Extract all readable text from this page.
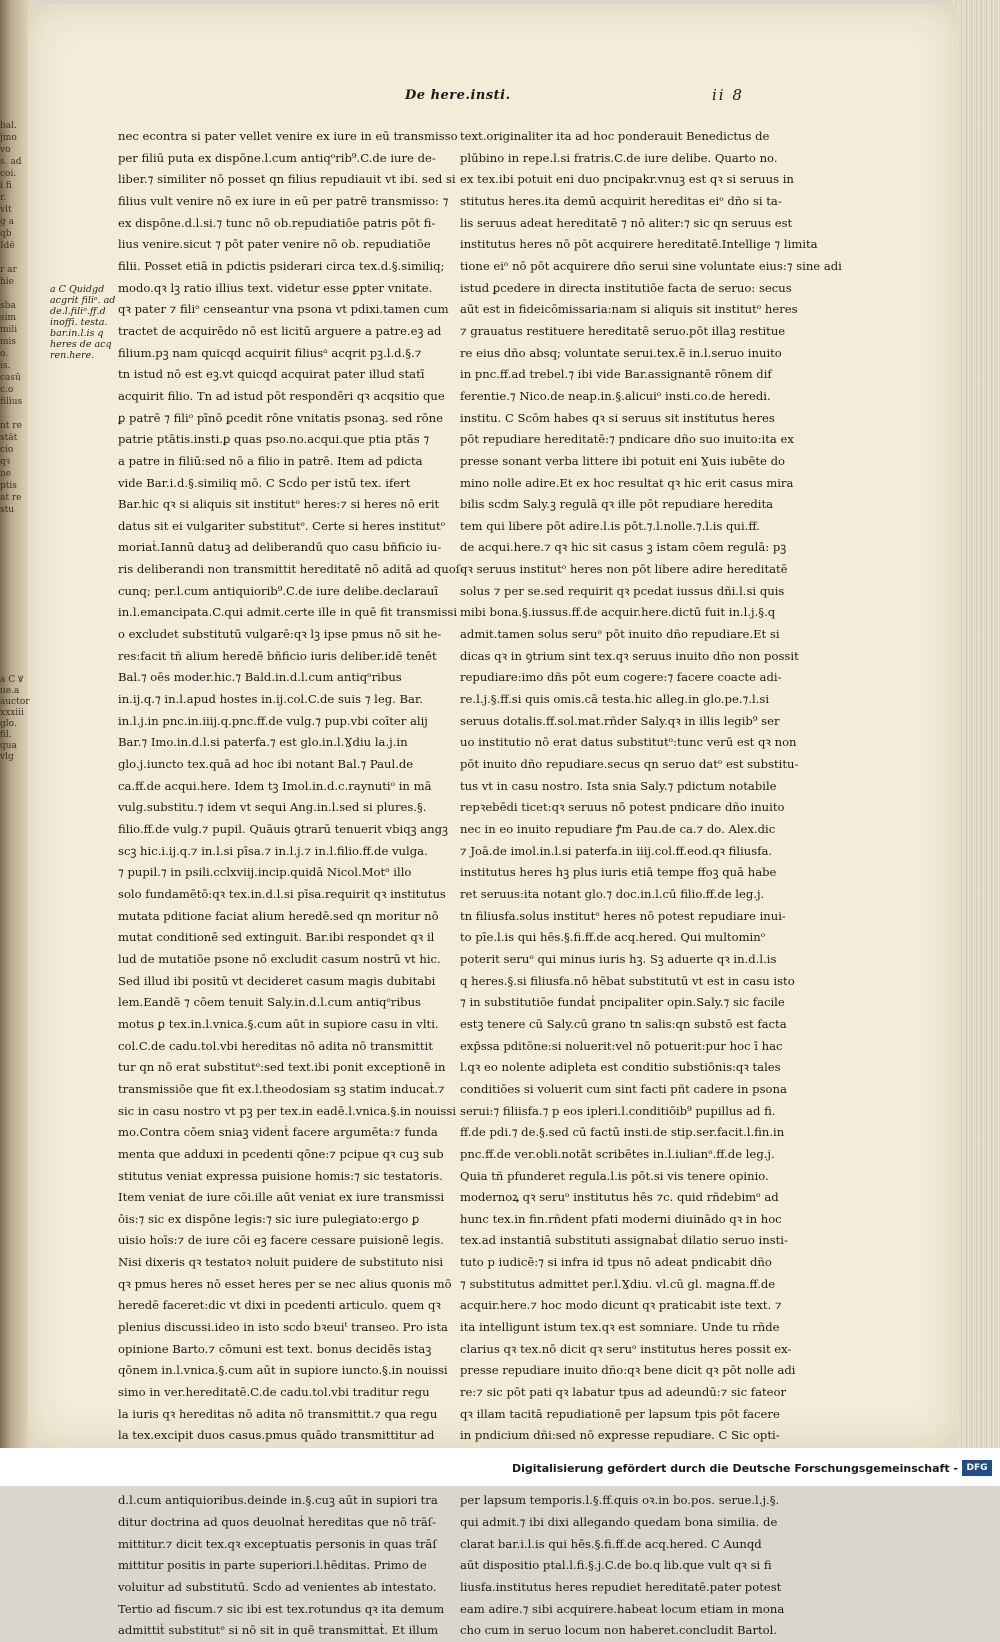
bal.
jmo
vo
s. ad
coi.
i fi
r.
vlt
g a
qb
Idē

r ar
hie

sba
sim
mili
mis
o.
is.
casū
c.o
filius

nt re
stāt
cio
qꝛ
ne
ptis
at re
stu
a C Ꝟ
ue.a
auctor
xxxiii
glo.
fil.
qua
vlg
De here.insti.	ii 8
a C Quidgd acgrit filiᵒ. ad de.l.filiᵒ.ff.d inoffi. testa. bar.in.l.is q heres de acq ren.here.
nec econtra si pater vellet venire ex iure in eū transmisso
per filiū puta ex dispōne.l.cum antiqᵒrib⁹.C.de iure de-
liber.⁊ similiter nō posset qn filius repudiauit vt ibi. sed si
filius vult venire nō ex iure in eū per patrē transmisso: ⁊
ex dispōne.d.l.si.⁊ tunc nō ob.repudiatiōe patris pōt fi-
lius venire.sicut ⁊ pōt pater venire nō ob. repudiatiōe
filii. Posset etiā in pdictis psiderari circa tex.d.§.similiq;
modo.qꝛ lꝫ ratio illius text. videtur esse ꝑpter vnitate.
qꝛ pater ⁊ filiᵒ censeantur vna psona vt pdixi.tamen cum
tractet de acquirēdo nō est licitū arguere a patre.eꝫ ad
filium.pꝫ nam quicqd acquirit filiusᵃ acqrit pꝫ.l.d.§.⁊
tn istud nō est eꝫ.vt quicqd acquirat pater illud statī
acquirit filio. Tn ad istud pōt respondēri qꝛ acqsitio que
ꝑ patrē ⁊ filiᵒ pīnō ꝑcedit rōne vnitatis psonaꝫ. sed rōne
patrie ptātis.insti.ꝑ quas pso.no.acqui.que ptia ptās ⁊
a patre in filiū:sed nō a filio in patrē. Item ad pdicta
vide Bar.i.d.§.similiq mō. C Scḋo per istū tex. ifert
Bar.hic qꝛ si aliquis sit institutᵒ heres:⁊ si heres nō erit
datus sit ei vulgariter substitutᵒ. Certe si heres institutᵒ
moriaṫ.Iannū datuꝫ ad deliberandū quo casu bñficio iu-
ris deliberandi non transmittit hereditatē nō aditā ad quoſ-
cunq; per.l.cum antiquiorib⁹.C.de iure delibe.declarauī
in.l.emancipata.C.qui admit.certe ille in quē fit transmissi
o excludet substitutū vulgarē:qꝛ lꝫ ipse pmus nō sit he-
res:facit tñ alium heredē bñficio iuris deliber.idē tenēt
Bal.⁊ oēs moder.hic.⁊ Bald.in.d.l.cum antiqᵒribus
in.ij.q.⁊ in.l.apud hostes in.ij.col.C.de suis ⁊ leg. Bar.
in.l.j.in pnc.in.iiij.q.pnc.ff.de vulg.⁊ pup.vbi coīter alij
Bar.⁊ Imo.in.d.l.si paterfa.⁊ est glo.in.l.Ɣdiu la.j.in
glo.j.iuncto tex.quā ad hoc ibi notant Bal.⁊ Paul.de
ca.ff.de acqui.here. Idem tꝫ Imol.in.d.c.raynutiᵒ in mā
vulg.substitu.⁊ idem vt sequi Ang.in.l.sed si plures.§.
filio.ff.de vulg.⁊ pupil. Quāuis ꝯtrarū tenuerit vbiqꝫ angꝫ
scꝫ hic.i.ij.q.⁊ in.l.si pīsa.⁊ in.l.j.⁊ in.l.filio.ff.de vulga.
⁊ pupil.⁊ in psili.cclxviij.incip.quidā Nicol.Motᵒ illo
solo fundamētō:qꝛ tex.in.d.l.si pīsa.requirit qꝛ institutus
mutata pditione faciat alium heredē.sed qn moritur nō
mutat conditionē sed extinguit. Bar.ibi respondet qꝛ il
lud de mutatiōe psone nō excludit casum nostrū vt hic.
Sed illud ibi positū vt decideret casum magis dubitabi
lem.Eandē ⁊ cōem tenuit Saly.in.d.l.cum antiqᵒribus
motus ꝑ tex.in.l.vnica.§.cum aūt in supiore casu in vlti.
col.C.de cadu.tol.vbi hereditas nō adita nō transmittit
tur qn nō erat substitutᵒ:sed text.ibi ponit exceptionē in
transmissiōe que fit ex.l.theodosiam sꝫ statim inducaṫ.⁊
sic in casu nostro vt pꝫ per tex.in eadē.l.vnica.§.in nouissi
mo.Contra cōem sniaꝫ videnṫ facere argumēta:⁊ funda
menta que adduxi in pcedenti qōne:⁊ pcipue qꝛ cuꝫ sub
stitutus veniat expressa puisione homis:⁊ sic testatoris.
Item veniat de iure cōi.ille aūt veniat ex iure transmissi
ōis:⁊ sic ex dispōne legis:⁊ sic iure pulegiato:ergo ꝑ
uisio hoīs:⁊ de iure cōi eꝫ facere cessare puisionē legis.
Nisi dixeris qꝛ testatoꝛ noluit puidere de substituto nisi
qꝛ pmus heres nō esset heres per se nec alius quonis mō
heredē faceret:dic vt dixi in pcedenti articulo. quem qꝛ
plenius discussi.ideo in isto scḋo bꝛeuiᵗ transeo. Pro ista
opinione Barto.⁊ cōmuni est text. bonus decidēs istaꝫ
qōnem in.l.vnica.§.cum aūt in supiore iuncto.§.in nouissi
simo in ver.hereditatē.C.de cadu.tol.vbi traditur regu
la iuris qꝛ hereditas nō adita nō transmittit.⁊ qua regu
la tex.excipit duos casus.pmus quādo transmittitur ad
d.l.cum antiquioribus.deinde in.§.cuꝫ aūt in supiori tra
ditur doctrina ad quos deuolnaṫ hereditas que nō trāſ-
mittitur.⁊ dicit tex.qꝛ exceptuatis personis in quas trāſ
mittitur positis in parte superiori.l.hēditas. Primo de
voluitur ad substitutū. Scḋo ad venientes ab intestato.
Tertio ad fiscum.⁊ sic ibi est tex.rotundus qꝛ ita demum
admittiṫ substitutᵒ si nō sit in quē transmittaṫ. Et illum
text.originaliter ita ad hoc ponderauit Benedictus de
plūbino in repe.l.si fratris.C.de iure delibe. Quarto no.
ex tex.ibi potuit eni duo pncipakr.vnuꝫ est qꝛ si seruus in
stitutus heres.ita demū acquirit hereditas eiᵒ dño si ta-
lis seruus adeat hereditatē ⁊ nō aliter:⁊ sic qn seruus est
institutus heres nō pōt acquirere hereditatē.Intellige ⁊ limita
tione eiᵒ nō pōt acquirere dño serui sine voluntate eius:⁊ sine adi
istud ꝑcedere in directa institutiōe facta de seruo: secus
aūt est in fideicōmissaria:nam si aliquis sit institutᵒ heres
⁊ grauatus restituere hereditatē seruo.pōt illaꝫ restitue
re eius dño absq; voluntate serui.tex.ē in.l.seruo inuito
in pnc.ff.ad trebel.⁊ ibi vide Bar.assignantē rōnem dif
ferentie.⁊ Nico.de neap.in.§.alicuiᵒ insti.co.de heredi.
institu. C Scōm habes qꝛ si seruus sit institutus heres
pōt repudiare hereditatē:⁊ pndicare dño suo inuito:ita ex
presse sonant verba littere ibi potuit eni Ɣuis iubēte do
mino nolle adire.Et ex hoc resultat qꝛ hic erit casus mira
bilis scdm Saly.ꝫ regulā qꝛ ille pōt repudiare heredita
tem qui libere pōt adire.l.is pōt.⁊.l.nolle.⁊.l.is qui.ff.
de acqui.here.⁊ qꝛ hic sit casus ꝫ istam cōem regulā: pꝫ
qꝛ seruus institutᵒ heres non pōt libere adire hereditatē
solus ⁊ per se.sed requirit qꝛ pcedat iussus dñi.l.si quis
mibi bona.§.iussus.ff.de acquir.here.dictū fuit in.l.j.§.q
admit.tamen solus seruᵒ pōt inuito dño repudiare.Et si
dicas qꝛ in ꝯtrium sint tex.qꝛ seruus inuito dño non possit
repudiare:imo dñs pōt eum cogere:⁊ facere coacte adi-
re.l.j.§.ff.si quis omis.cā testa.hic alleg.in glo.pe.⁊.l.si
seruus dotalis.ff.sol.mat.rñder Saly.qꝛ in illis legib⁹ ser
uo institutio nō erat datus substitutᵒ:tunc verū est qꝛ non
pōt inuito dño repudiare.secus qn seruo datᵒ est substitu-
tus vt in casu nostro. Ista snia Saly.⁊ pdictum notabile
repꝛebēdi ticet:qꝛ seruus nō potest pndicare dño inuito
nec in eo inuito repudiare ꝭm Pau.de ca.⁊ do. Alex.dic
⁊ Joā.de imol.in.l.si paterfa.in iiij.col.ff.eod.qꝛ filiusfa.
institutus heres hꝫ plus iuris etiā tempe ffoꝫ quā habe
ret seruus:ita notant glo.⁊ doc.in.l.cū filio.ff.de leg.j.
tn filiusfa.solus institutᵒ heres nō potest repudiare inui-
to pīe.l.is qui hēs.§.fi.ff.de acq.hered. Qui multominᵒ
poterit seruᵒ qui minus iuris hꝫ. Sꝫ aduerte qꝛ in.d.l.is
q heres.§.si filiusfa.nō hēbat substitutū vt est in casu isto
⁊ in substitutiōe fundaṫ pncipaliter opin.Saly.⁊ sic facile
estꝫ tenere cū Saly.cū grano tn salis:qn substō est facta
exp̄ssa pditōne:si noluerit:vel nō potuerit:pur hoc ī hac
l.qꝛ eo nolente adipleta est conditio substiōnis:qꝛ tales
conditiōes si voluerit cum sint facti pñt cadere in psona
serui:⁊ filiisfa.⁊ p eos ipleri.l.conditiōib⁹ pupillus ad fi.
ff.de pdi.⁊ de.§.sed cū factū insti.de stip.ser.facit.l.fin.in
pnc.ff.de ver.obli.notāt scribētes in.l.iulianᵒ.ff.de leg.j.
Quia tñ pfunderet regula.l.is pōt.si vis tenere opinio.
modernoꝝ qꝛ seruᵒ institutus hēs ⁊c. quid rñdebimᵒ ad
hunc tex.in fin.rñdent pfati moderni diuinādo qꝛ in hoc
tex.ad instantiā substituti assignabaṫ dilatio seruo insti-
tuto p iudicē:⁊ si infra id tpus nō adeat pndicabit dño
⁊ substitutus admittet per.l.Ɣdiu. vl.cū gl. magna.ff.de
acquir.here.⁊ hoc modo dicunt qꝛ praticabit iste text. ⁊
ita intelligunt istum tex.qꝛ est somniare. Unde tu rñde
clarius qꝛ tex.nō dicit qꝛ seruᵒ institutus heres possit ex-
presse repudiare inuito dño:qꝛ bene dicit qꝛ pōt nolle adi
re:⁊ sic pōt pati qꝛ labatur tpus ad adeundū:⁊ sic fateor
qꝛ illam tacitā repudiationē per lapsum tpis pōt facere
in pndicium dñi:sed nō expresse repudiare. C Sic opti-
per lapsum temporis.l.§.ff.quis oꝛ.in bo.pos. serue.l.j.§.
qui admit.⁊ ibi dixi allegando quedam bona similia. de
clarat bar.i.l.is qui hēs.§.fi.ff.de acq.hered. C Aunqd
aūt dispositio ptal.l.fi.§.j.C.de bo.q lib.que vult qꝛ si fi
liusfa.institutus heres repudiet hereditatē.pater potest
eam adire.⁊ sibi acquirere.habeat locum etiam in mona
cho cum in seruo locum non haberet.concludit Bartol.
Digitalisierung gefördert durch die Deutsche Forschungsgemeinschaft - DFG
